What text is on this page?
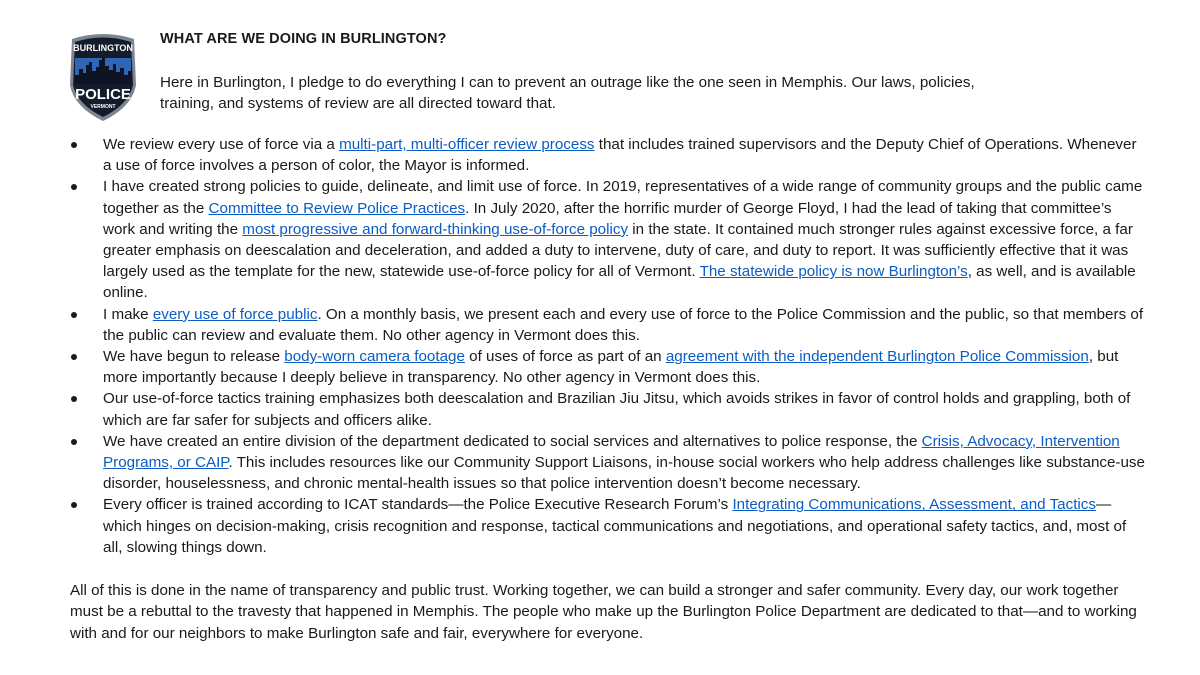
BURLINGTON
POLICE
VERMONT
WHAT ARE WE DOING IN BURLINGTON?
Here in Burlington, I pledge to do everything I can to prevent an outrage like the one seen in Memphis. Our laws, policies, training, and systems of review are all directed toward that.
We review every use of force via a multi-part, multi-officer review process that includes trained supervisors and the Deputy Chief of Operations. Whenever a use of force involves a person of color, the Mayor is informed.
I have created strong policies to guide, delineate, and limit use of force. In 2019, representatives of a wide range of community groups and the public came together as the Committee to Review Police Practices. In July 2020, after the horrific murder of George Floyd, I had the lead of taking that committee’s work and writing the most progressive and forward-thinking use-of-force policy in the state. It contained much stronger rules against excessive force, a far greater emphasis on deescalation and deceleration, and added a duty to intervene, duty of care, and duty to report. It was sufficiently effective that it was largely used as the template for the new, statewide use-of-force policy for all of Vermont. The statewide policy is now Burlington’s, as well, and is available online.
I make every use of force public. On a monthly basis, we present each and every use of force to the Police Commission and the public, so that members of the public can review and evaluate them. No other agency in Vermont does this.
We have begun to release body-worn camera footage of uses of force as part of an agreement with the independent Burlington Police Commission, but more importantly because I deeply believe in transparency. No other agency in Vermont does this.
Our use-of-force tactics training emphasizes both deescalation and Brazilian Jiu Jitsu, which avoids strikes in favor of control holds and grappling, both of which are far safer for subjects and officers alike.
We have created an entire division of the department dedicated to social services and alternatives to police response, the Crisis, Advocacy, Intervention Programs, or CAIP. This includes resources like our Community Support Liaisons, in-house social workers who help address challenges like substance-use disorder, houselessness, and chronic mental-health issues so that police intervention doesn’t become necessary.
Every officer is trained according to ICAT standards—the Police Executive Research Forum’s Integrating Communications, Assessment, and Tactics—which hinges on decision-making, crisis recognition and response, tactical communications and negotiations, and operational safety tactics, and, most of all, slowing things down.
All of this is done in the name of transparency and public trust. Working together, we can build a stronger and safer community. Every day, our work together must be a rebuttal to the travesty that happened in Memphis. The people who make up the Burlington Police Department are dedicated to that—and to working with and for our neighbors to make Burlington safe and fair, everywhere for everyone.
